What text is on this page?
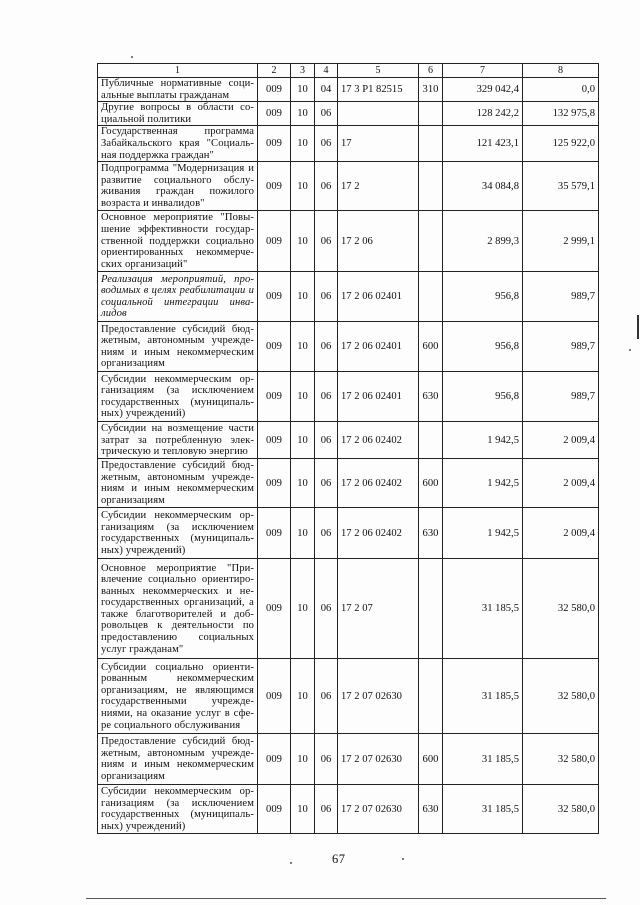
1	2	3	4	5	6	7	8
Публичные нормативные соци-альные выплаты гражданам	009	10	04	17 3 P1 82515	310	329 042,4	0,0
Другие вопросы в области со-циальной политики	009	10	06			128 242,2	132 975,8
Государственная программа Забайкальского края "Социаль-ная поддержка граждан"	009	10	06	17		121 423,1	125 922,0
Подпрограмма "Модернизация и развитие социального обслу-живания граждан пожилого возраста и инвалидов"	009	10	06	17 2		34 084,8	35 579,1
Основное мероприятие "Повы-шение эффективности государ-ственной поддержки социально ориентированных некоммерче-ских организаций"	009	10	06	17 2 06		2 899,3	2 999,1
Реализация мероприятий, про-водимых в целях реабилитации и социальной интеграции инва-лидов	009	10	06	17 2 06 02401		956,8	989,7
Предоставление субсидий бюд-жетным, автономным учрежде-ниям и иным некоммерческим организациям	009	10	06	17 2 06 02401	600	956,8	989,7
Субсидии некоммерческим ор-ганизациям (за исключением государственных (муниципаль-ных) учреждений)	009	10	06	17 2 06 02401	630	956,8	989,7
Субсидии на возмещение части затрат за потребленную элек-трическую и тепловую энергию	009	10	06	17 2 06 02402		1 942,5	2 009,4
Предоставление субсидий бюд-жетным, автономным учрежде-ниям и иным некоммерческим организациям	009	10	06	17 2 06 02402	600	1 942,5	2 009,4
Субсидии некоммерческим ор-ганизациям (за исключением государственных (муниципаль-ных) учреждений)	009	10	06	17 2 06 02402	630	1 942,5	2 009,4
Основное мероприятие "При-влечение социально ориентиро-ванных некоммерческих и не-государственных организаций, а также благотворителей и доб-ровольцев к деятельности по предоставлению социальных услуг гражданам"	009	10	06	17 2 07		31 185,5	32 580,0
Субсидии социально ориенти-рованным некоммерческим организациям, не являющимся государственными учрежде-ниями, на оказание услуг в сфе-ре социального обслуживания	009	10	06	17 2 07 02630		31 185,5	32 580,0
Предоставление субсидий бюд-жетным, автономным учрежде-ниям и иным некоммерческим организациям	009	10	06	17 2 07 02630	600	31 185,5	32 580,0
Субсидии некоммерческим ор-ганизациям (за исключением государственных (муниципаль-ных) учреждений)	009	10	06	17 2 07 02630	630	31 185,5	32 580,0
67
